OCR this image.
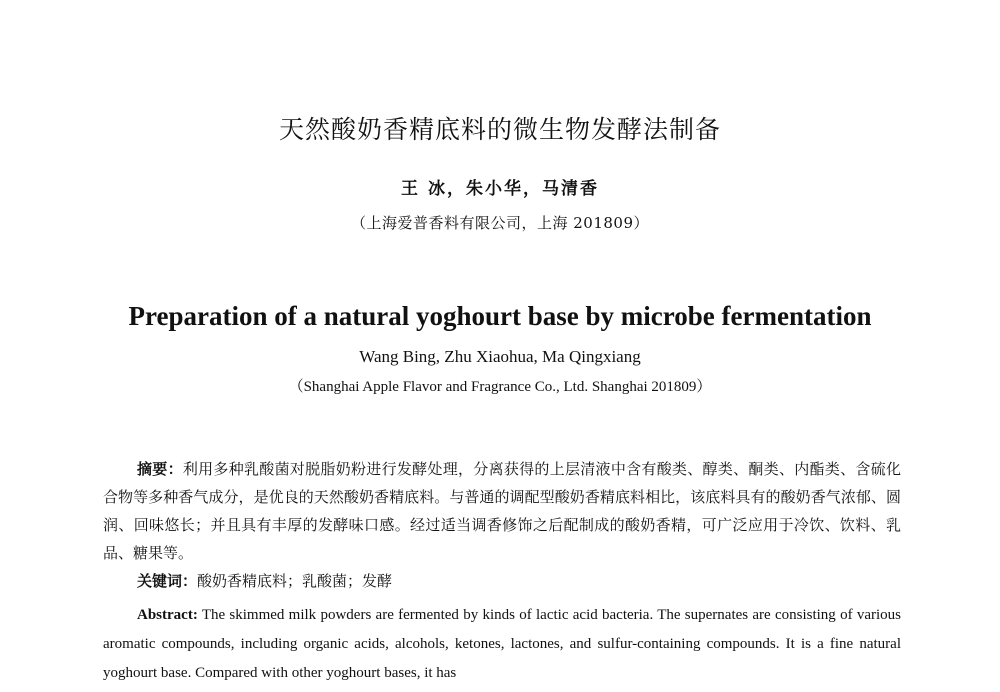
天然酸奶香精底料的微生物发酵法制备
王 冰，朱小华，马清香
（上海爱普香料有限公司，上海 201809）
Preparation of a natural yoghourt base by microbe fermentation
Wang Bing, Zhu Xiaohua, Ma Qingxiang
（Shanghai Apple Flavor and Fragrance Co., Ltd. Shanghai 201809）
摘要：利用多种乳酸菌对脱脂奶粉进行发酵处理，分离获得的上层清液中含有酸类、醇类、酮类、内酯类、含硫化合物等多种香气成分，是优良的天然酸奶香精底料。与普通的调配型酸奶香精底料相比，该底料具有的酸奶香气浓郁、圆润、回味悠长；并且具有丰厚的发酵味口感。经过适当调香修饰之后配制成的酸奶香精，可广泛应用于冷饮、饮料、乳品、糖果等。
关键词：酸奶香精底料；乳酸菌；发酵
Abstract: The skimmed milk powders are fermented by kinds of lactic acid bacteria. The supernates are consisting of various aromatic compounds, including organic acids, alcohols, ketones, lactones, and sulfur-containing compounds. It is a fine natural yoghourt base. Compared with other yoghourt bases, it has
